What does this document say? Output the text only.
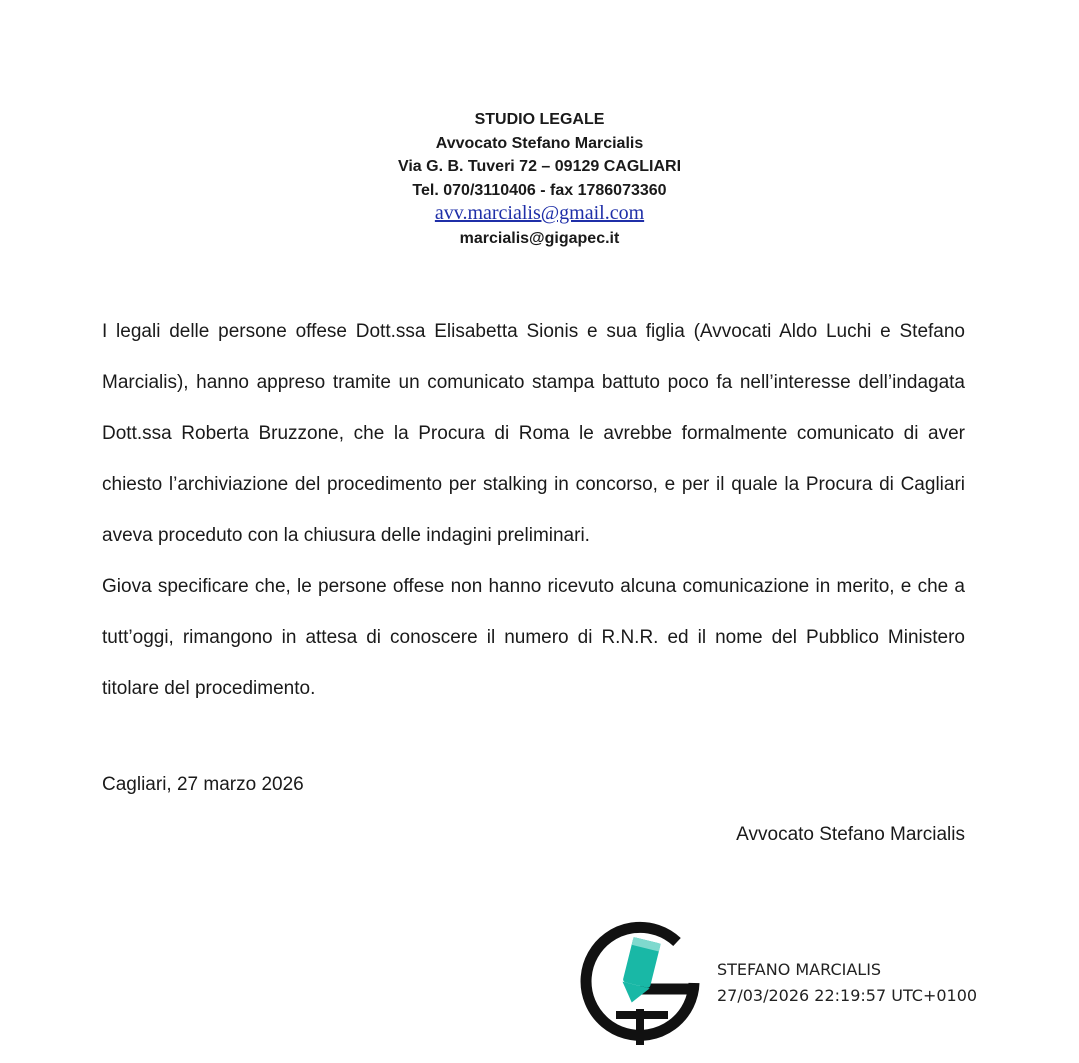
STUDIO LEGALE
Avvocato Stefano Marcialis
Via G. B. Tuveri 72 – 09129 CAGLIARI
Tel. 070/3110406 - fax 1786073360
avv.marcialis@gmail.com
marcialis@gigapec.it

I legali delle persone offese Dott.ssa Elisabetta Sionis e sua figlia (Avvocati Aldo Luchi e Stefano Marcialis), hanno appreso tramite un comunicato stampa battuto poco fa nell’interesse dell’indagata Dott.ssa Roberta Bruzzone, che la Procura di Roma le avrebbe formalmente comunicato di aver chiesto l’archiviazione del procedimento per stalking in concorso, e per il quale la Procura di Cagliari aveva proceduto con la chiusura delle indagini preliminari.

Giova specificare che, le persone offese non hanno ricevuto alcuna comunicazione in merito, e che a tutt’oggi, rimangono in attesa di conoscere il numero di R.N.R. ed il nome del Pubblico Ministero titolare del procedimento.

Cagliari, 27 marzo 2026
Avvocato Stefano Marcialis
STEFANO MARCIALIS
27/03/2026 22:19:57 UTC+0100
